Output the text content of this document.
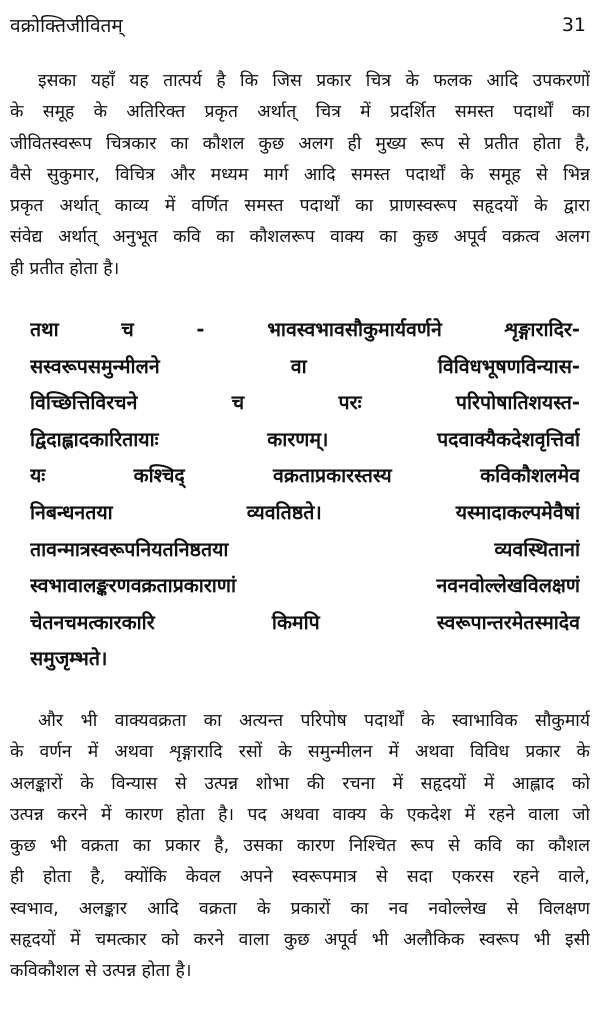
वक्रोक्तिजीवितम्	31
इसका यहाँ यह तात्पर्य है कि जिस प्रकार चित्र के फलक आदि उपकरणों
के समूह के अतिरिक्त प्रकृत अर्थात् चित्र में प्रदर्शित समस्त पदार्थों का
जीवितस्वरूप चित्रकार का कौशल कुछ अलग ही मुख्य रूप से प्रतीत होता है,
वैसे सुकुमार, विचित्र और मध्यम मार्ग आदि समस्त पदार्थों के समूह से भिन्न
प्रकृत अर्थात् काव्य में वर्णित समस्त पदार्थों का प्राणस्वरूप सहृदयों के द्वारा
संवेद्य अर्थात् अनुभूत कवि का कौशलरूप वाक्य का कुछ अपूर्व वक्रत्व अलग
ही प्रतीत होता है।
तथा च - भावस्वभावसौकुमार्यवर्णने शृङ्गारादिर-
सस्वरूपसमुन्मीलने वा विविधभूषणविन्यास-
विच्छित्तिविरचने च परः परिपोषातिशयस्त-
द्विदाह्लादकारितायाः कारणम्। पदवाक्यैकदेशवृत्तिर्वा
यः कश्चिद् वक्रताप्रकारस्तस्य कविकौशलमेव
निबन्धनतया व्यवतिष्ठते। यस्मादाकल्पमेवैषां
तावन्मात्रस्वरूपनियतनिष्ठतया व्यवस्थितानां
स्वभावालङ्करणवक्रताप्रकाराणां नवनवोल्लेखविलक्षणं
चेतनचमत्कारकारि किमपि स्वरूपान्तरमेतस्मादेव
समुजृम्भते।
और भी वाक्यवक्रता का अत्यन्त परिपोष पदार्थों के स्वाभाविक सौकुमार्य
के वर्णन में अथवा शृङ्गारादि रसों के समुन्मीलन में अथवा विविध प्रकार के
अलङ्कारों के विन्यास से उत्पन्न शोभा की रचना में सहृदयों में आह्लाद को
उत्पन्न करने में कारण होता है। पद अथवा वाक्य के एकदेश में रहने वाला जो
कुछ भी वक्रता का प्रकार है, उसका कारण निश्चित रूप से कवि का कौशल
ही होता है, क्योंकि केवल अपने स्वरूपमात्र से सदा एकरस रहने वाले,
स्वभाव, अलङ्कार आदि वक्रता के प्रकारों का नव नवोल्लेख से विलक्षण
सहृदयों में चमत्कार को करने वाला कुछ अपूर्व भी अलौकिक स्वरूप भी इसी
कविकौशल से उत्पन्न होता है।
